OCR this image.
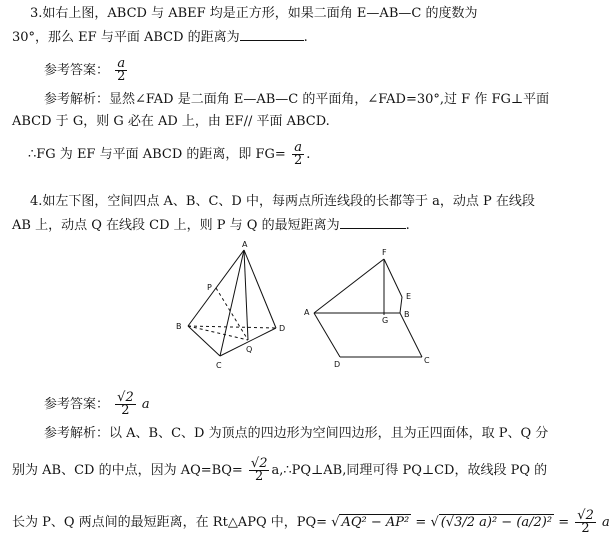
3.如右上图，ABCD 与 ABEF 均是正方形，如果二面角 E—AB—C 的度数为
30°，那么 EF 与平面 ABCD 的距离为	.
参考答案： $\frac{a}{2}$
参考解析：显然∠FAD 是二面角 E—AB—C 的平面角，∠FAD=30°,过 F 作 FG⊥平面
ABCD 于 G，则 G 必在 AD 上，由 EF// 平面 ABCD.
∴FG 为 EF 与平面 ABCD 的距离，即 $FG= \frac{a}{2}$ .
4.如左下图，空间四点 A、B、C、D 中，每两点所连线段的长都等于 a，动点 P 在线段
AB 上，动点 Q 在线段 CD 上，则 P 与 Q 的最短距离为	.
A
P
B
C
D
Q
A	B
C
D
E
F
G
参考答案： $\frac{√2}{2}$ a
参考解析：以 A、B、C、D 为顶点的四边形为空间四边形，且为正四面体，取 P、Q 分
别为 AB、CD 的中点，因为 $AQ=BQ= \frac{√2}{2}$ a,∴PQ⊥AB,同理可得 PQ⊥CD，故线段 PQ 的
长为 P、Q 两点间的最短距离，在 Rt△APQ 中，PQ= √ AQ² − AP² = √ (√3/2 $a)^2 - (a/2)^2 = \frac{√2}{2}$ a
